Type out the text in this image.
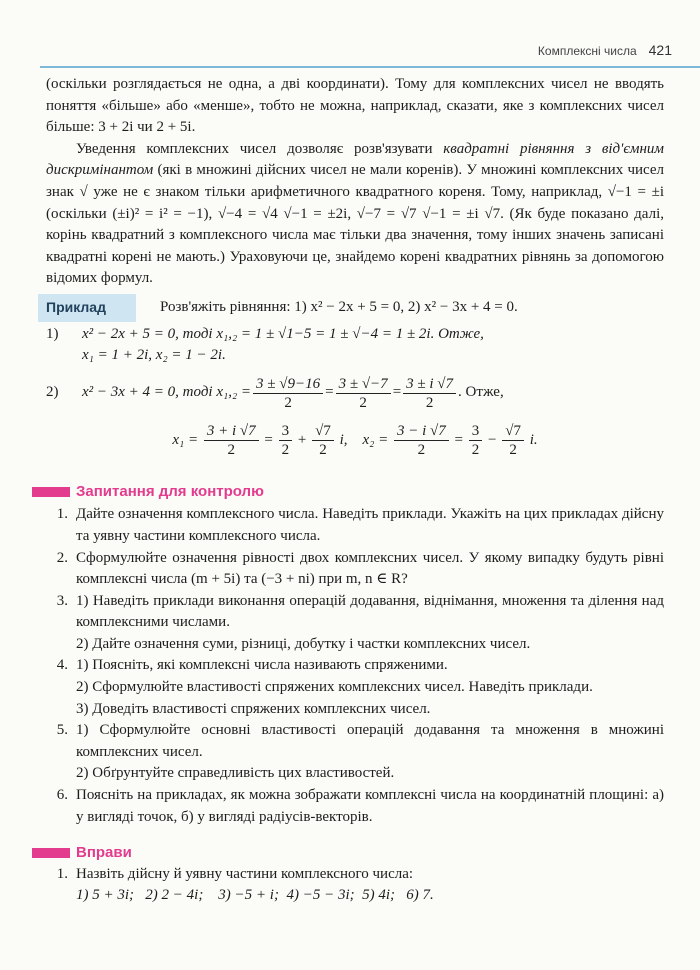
Комплексні числа 421

(оскільки розглядається не одна, а дві координати). Тому для комплексних чисел не вводять поняття «більше» або «менше», тобто не можна, наприклад, сказати, яке з комплексних чисел більше: 3 + 2i чи 2 + 5i.

Уведення комплексних чисел дозволяє розв'язувати квадратні рівняння з від'ємним дискримінантом (які в множині дійсних чисел не мали коренів). У множині комплексних чисел знак √ уже не є знаком тільки арифметичного квадратного кореня. Тому, наприклад, √−1 = ±i (оскільки (±i)² = i² = −1), √−4 = √4 √−1 = ±2i, √−7 = √7 √−1 = ±i √7. (Як буде показано далі, корінь квадратний з комплексного числа має тільки два значення, тому інших значень записані квадратні корені не мають.) Ураховуючи це, знайдемо корені квадратних рівнянь за допомогою відомих формул.

Приклад	Розв'яжіть рівняння: 1) x² − 2x + 5 = 0, 2) x² − 3x + 4 = 0.
1)	x² − 2x + 5 = 0, тоді x₁,₂ = 1 ± √1−5 = 1 ± √−4 = 1 ± 2i. Отже,
x₁ = 1 + 2i, x₂ = 1 − 2i.
2)	x² − 3x + 4 = 0, тоді $x_1,_2 = \frac{3 \pm √9-16}{2} = \frac{3 \pm √-7}{2} = \frac{3 \pm i √7}{2}$ . Отже,
$x_1 = \frac{3 + i √7}{2} = \frac{3}{2} + \frac{√7}{2} i$, $x_2 = \frac{3 - i √7}{2} = \frac{3}{2} - \frac{√7}{2} i$.
Запитання для контролю
1. Дайте означення комплексного числа. Наведіть приклади. Укажіть на цих прикладах дійсну та уявну частини комплексного числа.
2. Сформулюйте означення рівності двох комплексних чисел. У якому випадку будуть рівні комплексні числа (m + 5i) та (−3 + ni) при m, n ∈ R?
3. 1) Наведіть приклади виконання операцій додавання, віднімання, множення та ділення над комплексними числами.
2) Дайте означення суми, різниці, добутку і частки комплексних чисел.
4. 1) Поясніть, які комплексні числа називають спряженими.
2) Сформулюйте властивості спряжених комплексних чисел. Наведіть приклади.
3) Доведіть властивості спряжених комплексних чисел.
5. 1) Сформулюйте основні властивості операцій додавання та множення в множині комплексних чисел.
2) Обґрунтуйте справедливість цих властивостей.
6. Поясніть на прикладах, як можна зображати комплексні числа на координатній площині: а) у вигляді точок, б) у вигляді радіусів-векторів.
Вправи
1. Назвіть дійсну й уявну частини комплексного числа:
1) 5 + 3i;   2) 2 − 4i;    3) −5 + i;  4) −5 − 3i;  5) 4i;   6) 7.
